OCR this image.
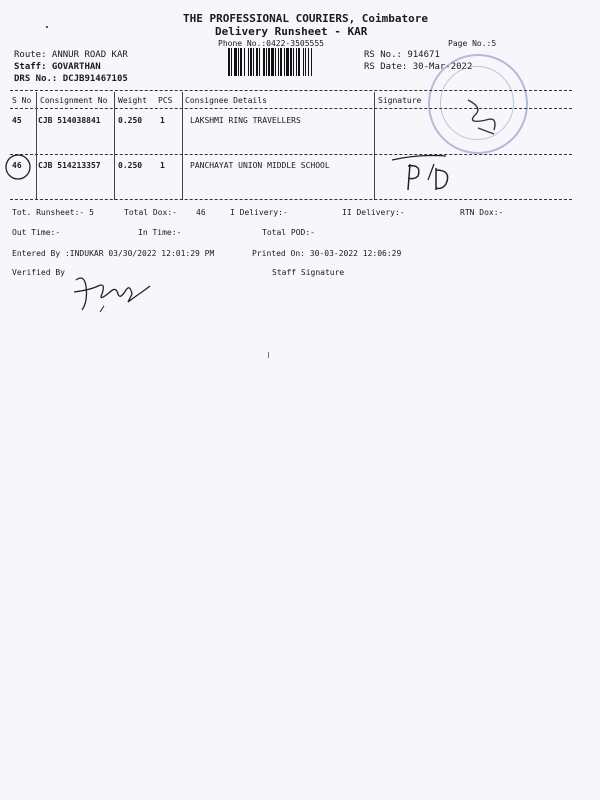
THE PROFESSIONAL COURIERS, Coimbatore
Delivery Runsheet - KAR
Phone No.:0422-3505555	Page No.:5
Route: ANNUR ROAD KAR
Staff: GOVARTHAN
DRS No.: DCJB91467105
RS No.: 914671
RS Date: 30-Mar-2022
S No Consignment No Weight PCS Consignee Details	Signature
45 CJB 514038841 0.250 1	LAKSHMI RING TRAVELLERS
46 CJB 514213357 0.250 1	PANCHAYAT UNION MIDDLE SCHOOL
Tot. Runsheet:- 5	Total Dox:- 46	I Delivery:-	II Delivery:-	RTN Dox:-
Out Time:-	In Time:-	Total POD:-
Entered By :INDUKAR 03/30/2022 12:01:29 PM	Printed On: 30-03-2022 12:06:29
Verified By	Staff Signature
